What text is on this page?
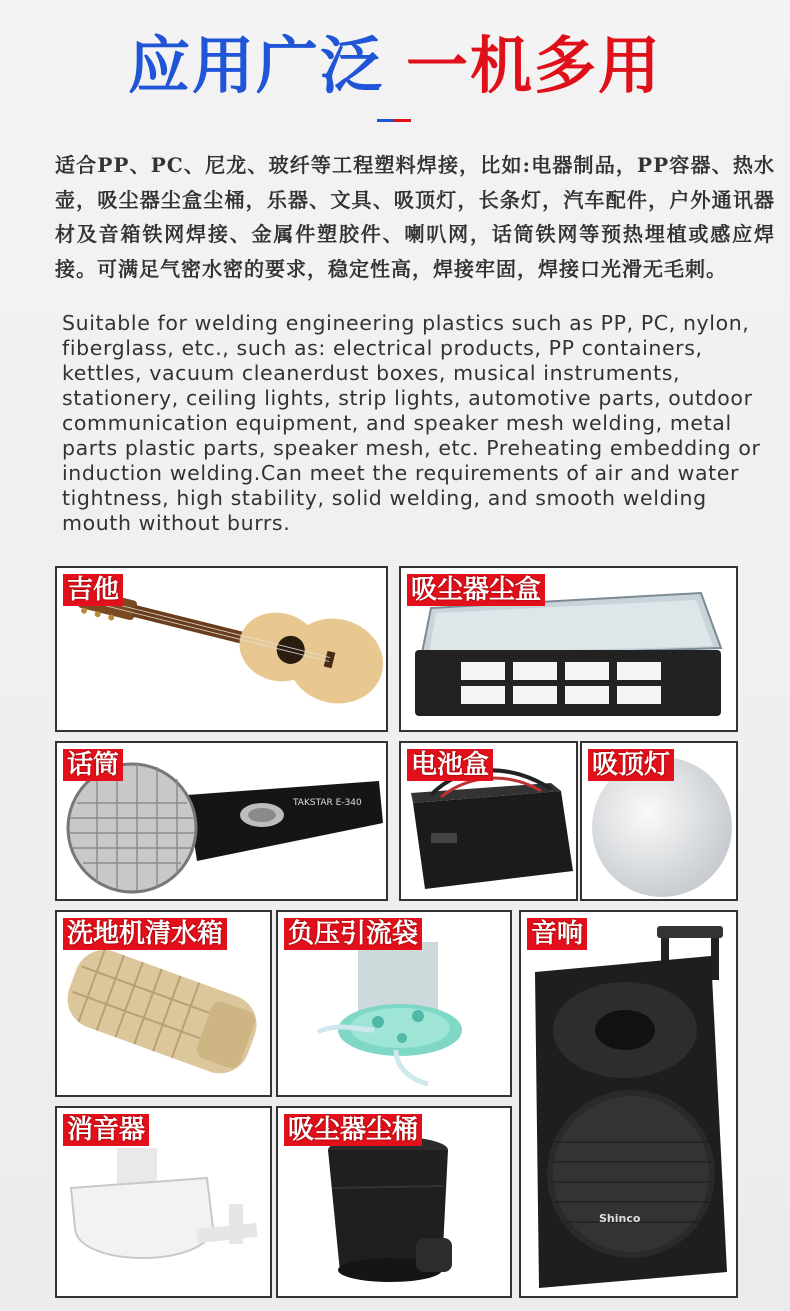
应用广泛 一机多用
适合PP、PC、尼龙、玻纤等工程塑料焊接，比如:电器制品，PP容器、热水壶，吸尘器尘盒尘桶，乐器、文具、吸顶灯，长条灯，汽车配件，户外通讯器材及音箱铁网焊接、金属件塑胶件、喇叭网，话筒铁网等预热埋植或感应焊接。可满足气密水密的要求，稳定性高，焊接牢固，焊接口光滑无毛刺。
Suitable for welding engineering plastics such as PP, PC, nylon, fiberglass, etc., such as: electrical products, PP containers, kettles, vacuum cleanerdust boxes, musical instruments, stationery, ceiling lights, strip lights, automotive parts, outdoor communication equipment, and speaker mesh welding, metal parts plastic parts, speaker mesh, etc. Preheating embedding or induction welding.Can meet the requirements of air and water tightness, high stability, solid welding, and smooth welding mouth without burrs.
吉他	吸尘器尘盒
话筒
TAKSTAR E-340
电池盒	吸顶灯
洗地机清水箱 负压引流袋	音响
Shinco
消音器	吸尘器尘桶
